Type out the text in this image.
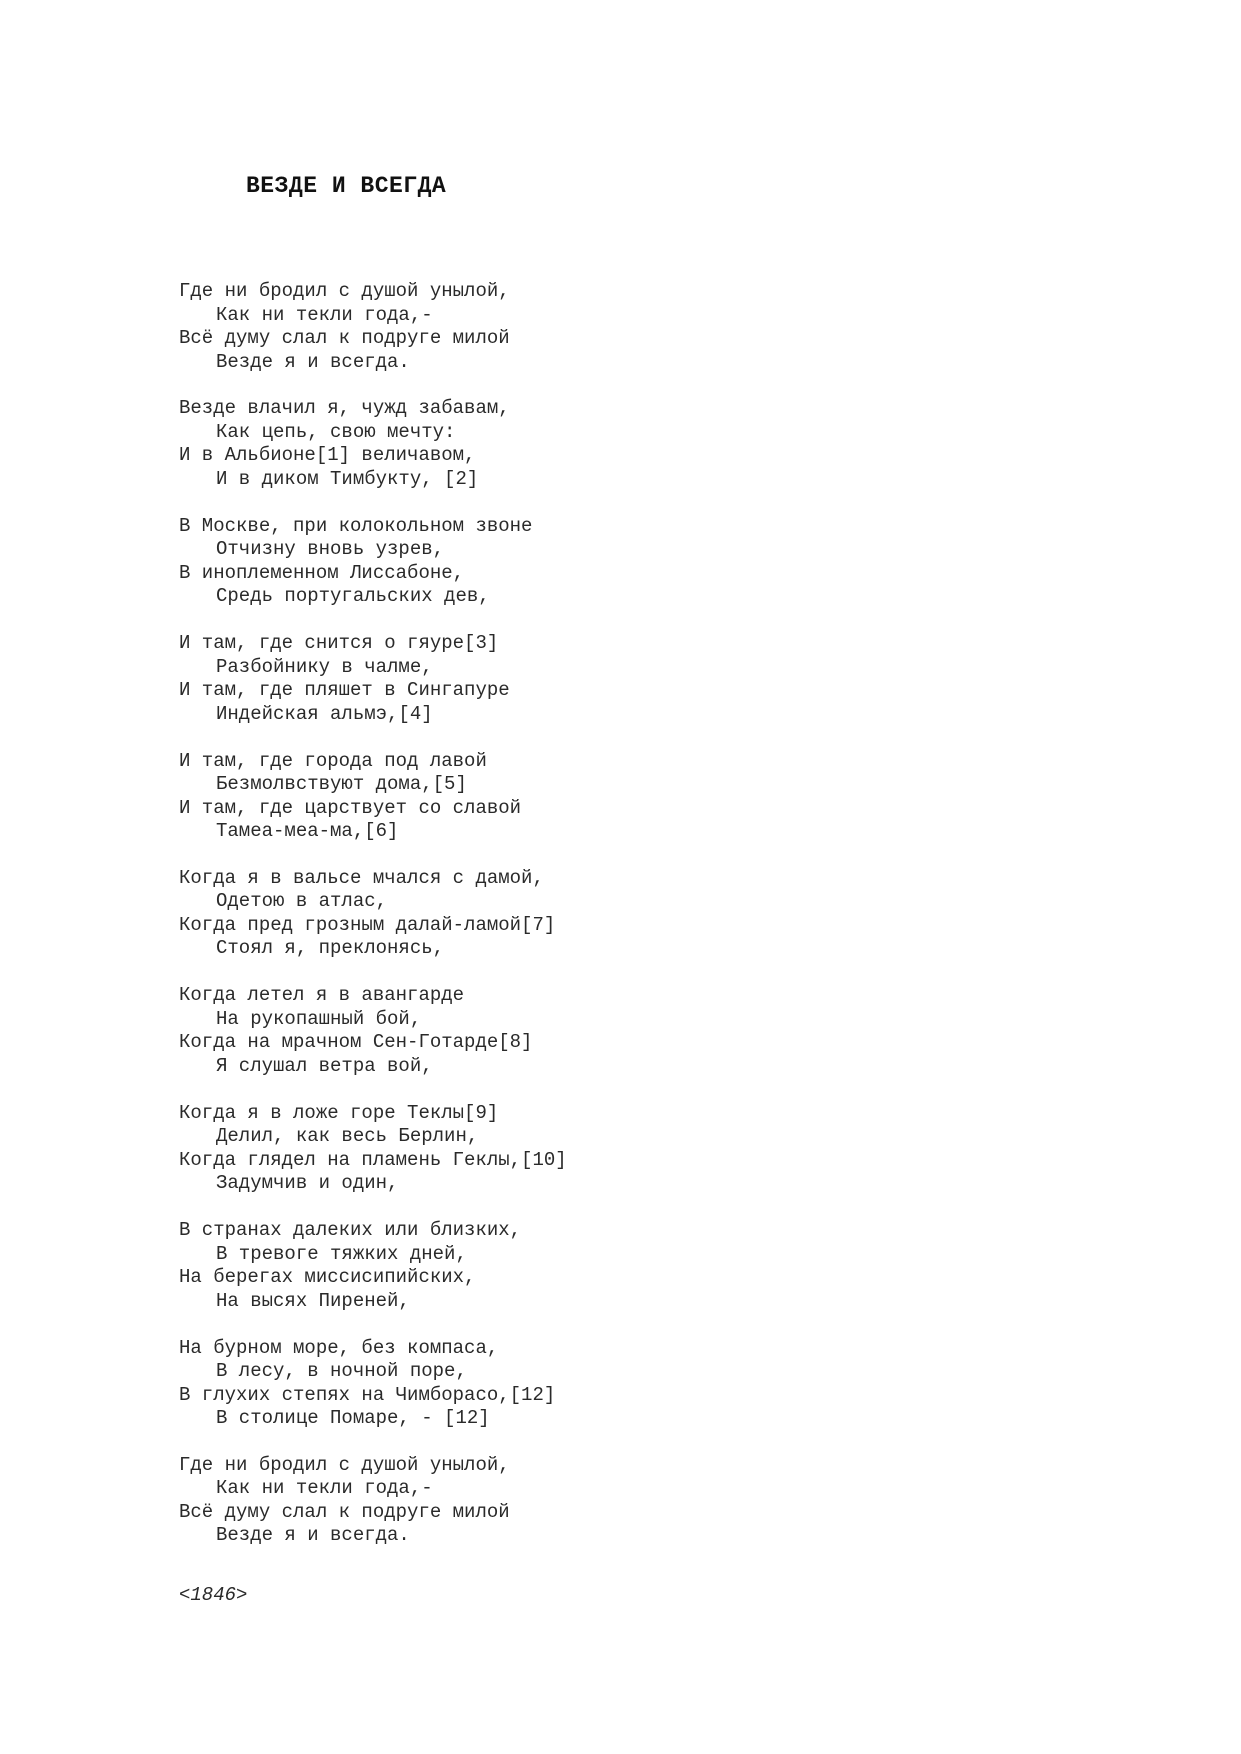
ВЕЗДЕ И ВСЕГДА
Где ни бродил с душой унылой,
Как ни текли года,-
Всё думу слал к подруге милой
Везде я и всегда.
Везде влачил я, чужд забавам,
Как цепь, свою мечту:
И в Альбионе[1] величавом,
И в диком Тимбукту, [2]
В Москве, при колокольном звоне
Отчизну вновь узрев,
В иноплеменном Лиссабоне,
Средь португальских дев,
И там, где снится о гяуре[3]
Разбойнику в чалме,
И там, где пляшет в Сингапуре
Индейская альмэ,[4]
И там, где города под лавой
Безмолвствуют дома,[5]
И там, где царствует со славой
Тамеа-меа-ма,[6]
Когда я в вальсе мчался с дамой,
Одетою в атлас,
Когда пред грозным далай-ламой[7]
Стоял я, преклонясь,
Когда летел я в авангарде
На рукопашный бой,
Когда на мрачном Сен-Готарде[8]
Я слушал ветра вой,
Когда я в ложе горе Теклы[9]
Делил, как весь Берлин,
Когда глядел на пламень Геклы,[10]
Задумчив и один,
В странах далеких или близких,
В тревоге тяжких дней,
На берегах миссисипийских,
На высях Пиреней,
На бурном море, без компаса,
В лесу, в ночной поре,
В глухих степях на Чимборасо,[12]
В столице Помаре, - [12]
Где ни бродил с душой унылой,
Как ни текли года,-
Всё думу слал к подруге милой
Везде я и всегда.
<1846>
